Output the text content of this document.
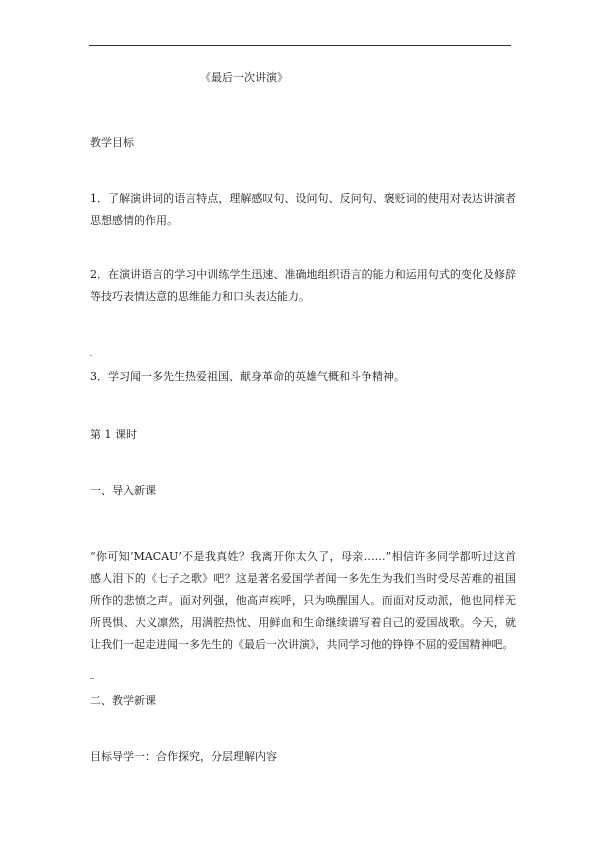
《最后一次讲演》
教学目标
1．了解演讲词的语言特点，理解感叹句、设问句、反问句、褒贬词的使用对表达讲演者思想感情的作用。
2．在演讲语言的学习中训练学生迅速、准确地组织语言的能力和运用句式的变化及修辞等技巧表情达意的思维能力和口头表达能力。
3．学习闻一多先生热爱祖国、献身革命的英雄气概和斗争精神。
第 1 课时
一、导入新课
“你可知‘MACAU’不是我真姓？我离开你太久了，母亲……”相信许多同学都听过这首感人泪下的《七子之歌》吧？这是著名爱国学者闻一多先生为我们当时受尽苦难的祖国所作的悲愤之声。面对列强，他高声疾呼，只为唤醒国人。而面对反动派，他也同样无所畏惧、大义凛然，用满腔热忱、用鲜血和生命继续谱写着自己的爱国战歌。今天，就让我们一起走进闻一多先生的《最后一次讲演》，共同学习他的铮铮不屈的爱国精神吧。
二、教学新课
目标导学一：合作探究，分层理解内容
